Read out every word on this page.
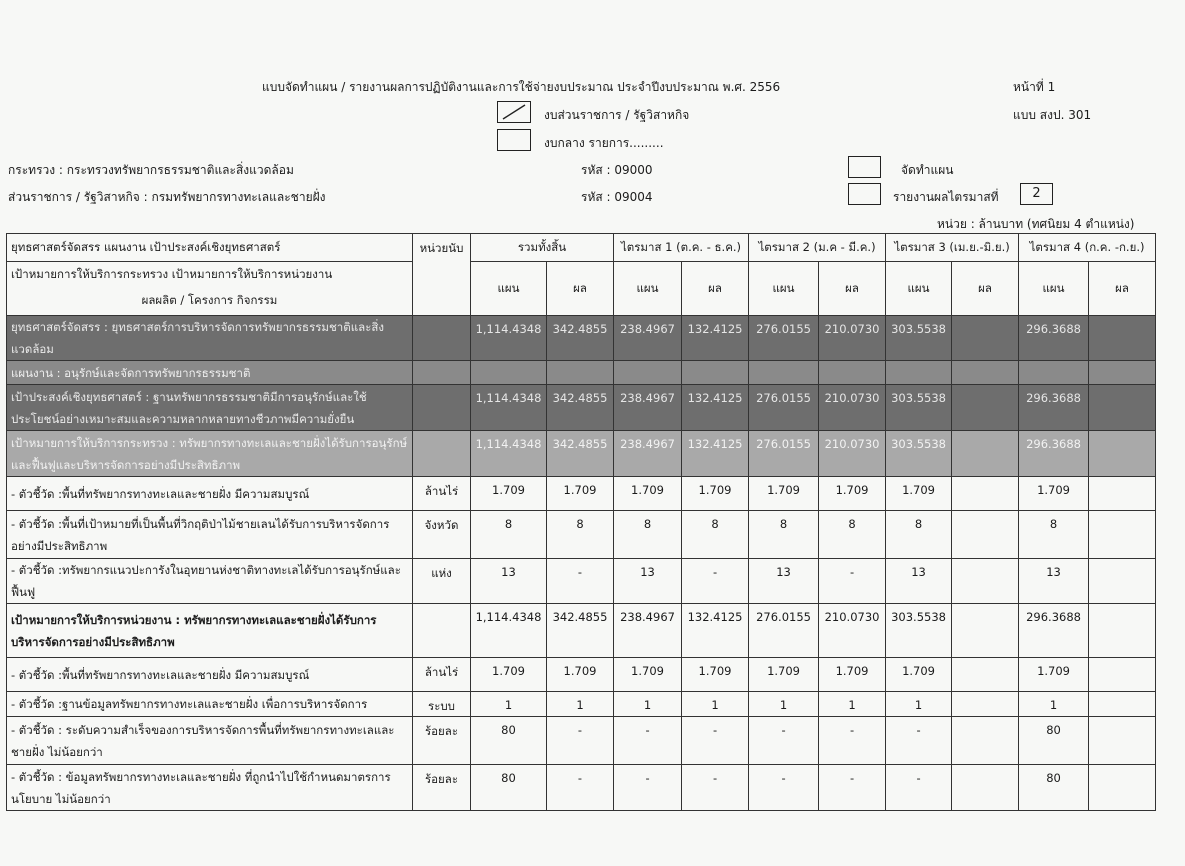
แบบจัดทำแผน / รายงานผลการปฏิบัติงานและการใช้จ่ายงบประมาณ ประจำปีงบประมาณ พ.ศ. 2556	หน้าที่ 1
แบบ สงป. 301
งบส่วนราชการ / รัฐวิสาหกิจ
งบกลาง รายการ.........
กระทรวง : กระทรวงทรัพยากรธรรมชาติและสิ่งแวดล้อม	รหัส : 09000
ส่วนราชการ / รัฐวิสาหกิจ : กรมทรัพยากรทางทะเลและชายฝั่ง	รหัส : 09004
จัดทำแผน
รายงานผลไตรมาสที่	2
หน่วย : ล้านบาท (ทศนิยม 4 ตำแหน่ง)
ยุทธศาสตร์จัดสรร แผนงาน เป้าประสงค์เชิงยุทธศาสตร์	หน่วยนับ	รวมทั้งสิ้น		ไตรมาส 1 (ต.ค. - ธ.ค.)		ไตรมาส 2 (ม.ค - มี.ค.)		ไตรมาส 3 (เม.ย.-มิ.ย.)		ไตรมาส 4 (ก.ค. -ก.ย.)	
เป้าหมายการให้บริการกระทรวง เป้าหมายการให้บริการหน่วยงาน		แผน	ผล	แผน	ผล	แผน	ผล	แผน	ผล	แผน	ผล
ผลผลิต / โครงการ กิจกรรม											
ยุทธศาสตร์จัดสรร : ยุทธศาสตร์การบริหารจัดการทรัพยากรธรรมชาติและสิ่งแวดล้อม		1,114.4348	342.4855	238.4967	132.4125	276.0155	210.0730	303.5538		296.3688	
แผนงาน : อนุรักษ์และจัดการทรัพยากรธรรมชาติ											
เป้าประสงค์เชิงยุทธศาสตร์ : ฐานทรัพยากรธรรมชาติมีการอนุรักษ์และใช้ประโยชน์อย่างเหมาะสมและความหลากหลายทางชีวภาพมีความยั่งยืน		1,114.4348	342.4855	238.4967	132.4125	276.0155	210.0730	303.5538		296.3688	
เป้าหมายการให้บริการกระทรวง : ทรัพยากรทางทะเลและชายฝั่งได้รับการอนุรักษ์และฟื้นฟูและบริหารจัดการอย่างมีประสิทธิภาพ		1,114.4348	342.4855	238.4967	132.4125	276.0155	210.0730	303.5538		296.3688	
- ตัวชี้วัด :พื้นที่ทรัพยากรทางทะเลและชายฝั่ง มีความสมบูรณ์	ล้านไร่	1.709	1.709	1.709	1.709	1.709	1.709	1.709		1.709	
- ตัวชี้วัด :พื้นที่เป้าหมายที่เป็นพื้นที่วิกฤติป่าไม้ชายเลนได้รับการบริหารจัดการอย่างมีประสิทธิภาพ	จังหวัด	8	8	8	8	8	8	8		8	
- ตัวชี้วัด :ทรัพยากรแนวปะการังในอุทยานห่งชาติทางทะเลได้รับการอนุรักษ์และฟื้นฟู	แห่ง	13	-	13	-	13	-	13		13	
เป้าหมายการให้บริการหน่วยงาน : ทรัพยากรทางทะเลและชายฝั่งได้รับการบริหารจัดการอย่างมีประสิทธิภาพ		1,114.4348	342.4855	238.4967	132.4125	276.0155	210.0730	303.5538		296.3688	
- ตัวชี้วัด :พื้นที่ทรัพยากรทางทะเลและชายฝั่ง มีความสมบูรณ์	ล้านไร่	1.709	1.709	1.709	1.709	1.709	1.709	1.709		1.709	
- ตัวชี้วัด :ฐานข้อมูลทรัพยากรทางทะเลและชายฝั่ง เพื่อการบริหารจัดการ	ระบบ	1	1	1	1	1	1	1		1	
- ตัวชี้วัด : ระดับความสำเร็จของการบริหารจัดการพื้นที่ทรัพยากรทางทะเลและชายฝั่ง ไม่น้อยกว่า	ร้อยละ	80	-	-	-	-	-	-		80	
- ตัวชี้วัด : ข้อมูลทรัพยากรทางทะเลและชายฝั่ง ที่ถูกนำไปใช้กำหนดมาตรการนโยบาย ไม่น้อยกว่า	ร้อยละ	80	-	-	-	-	-	-		80	
